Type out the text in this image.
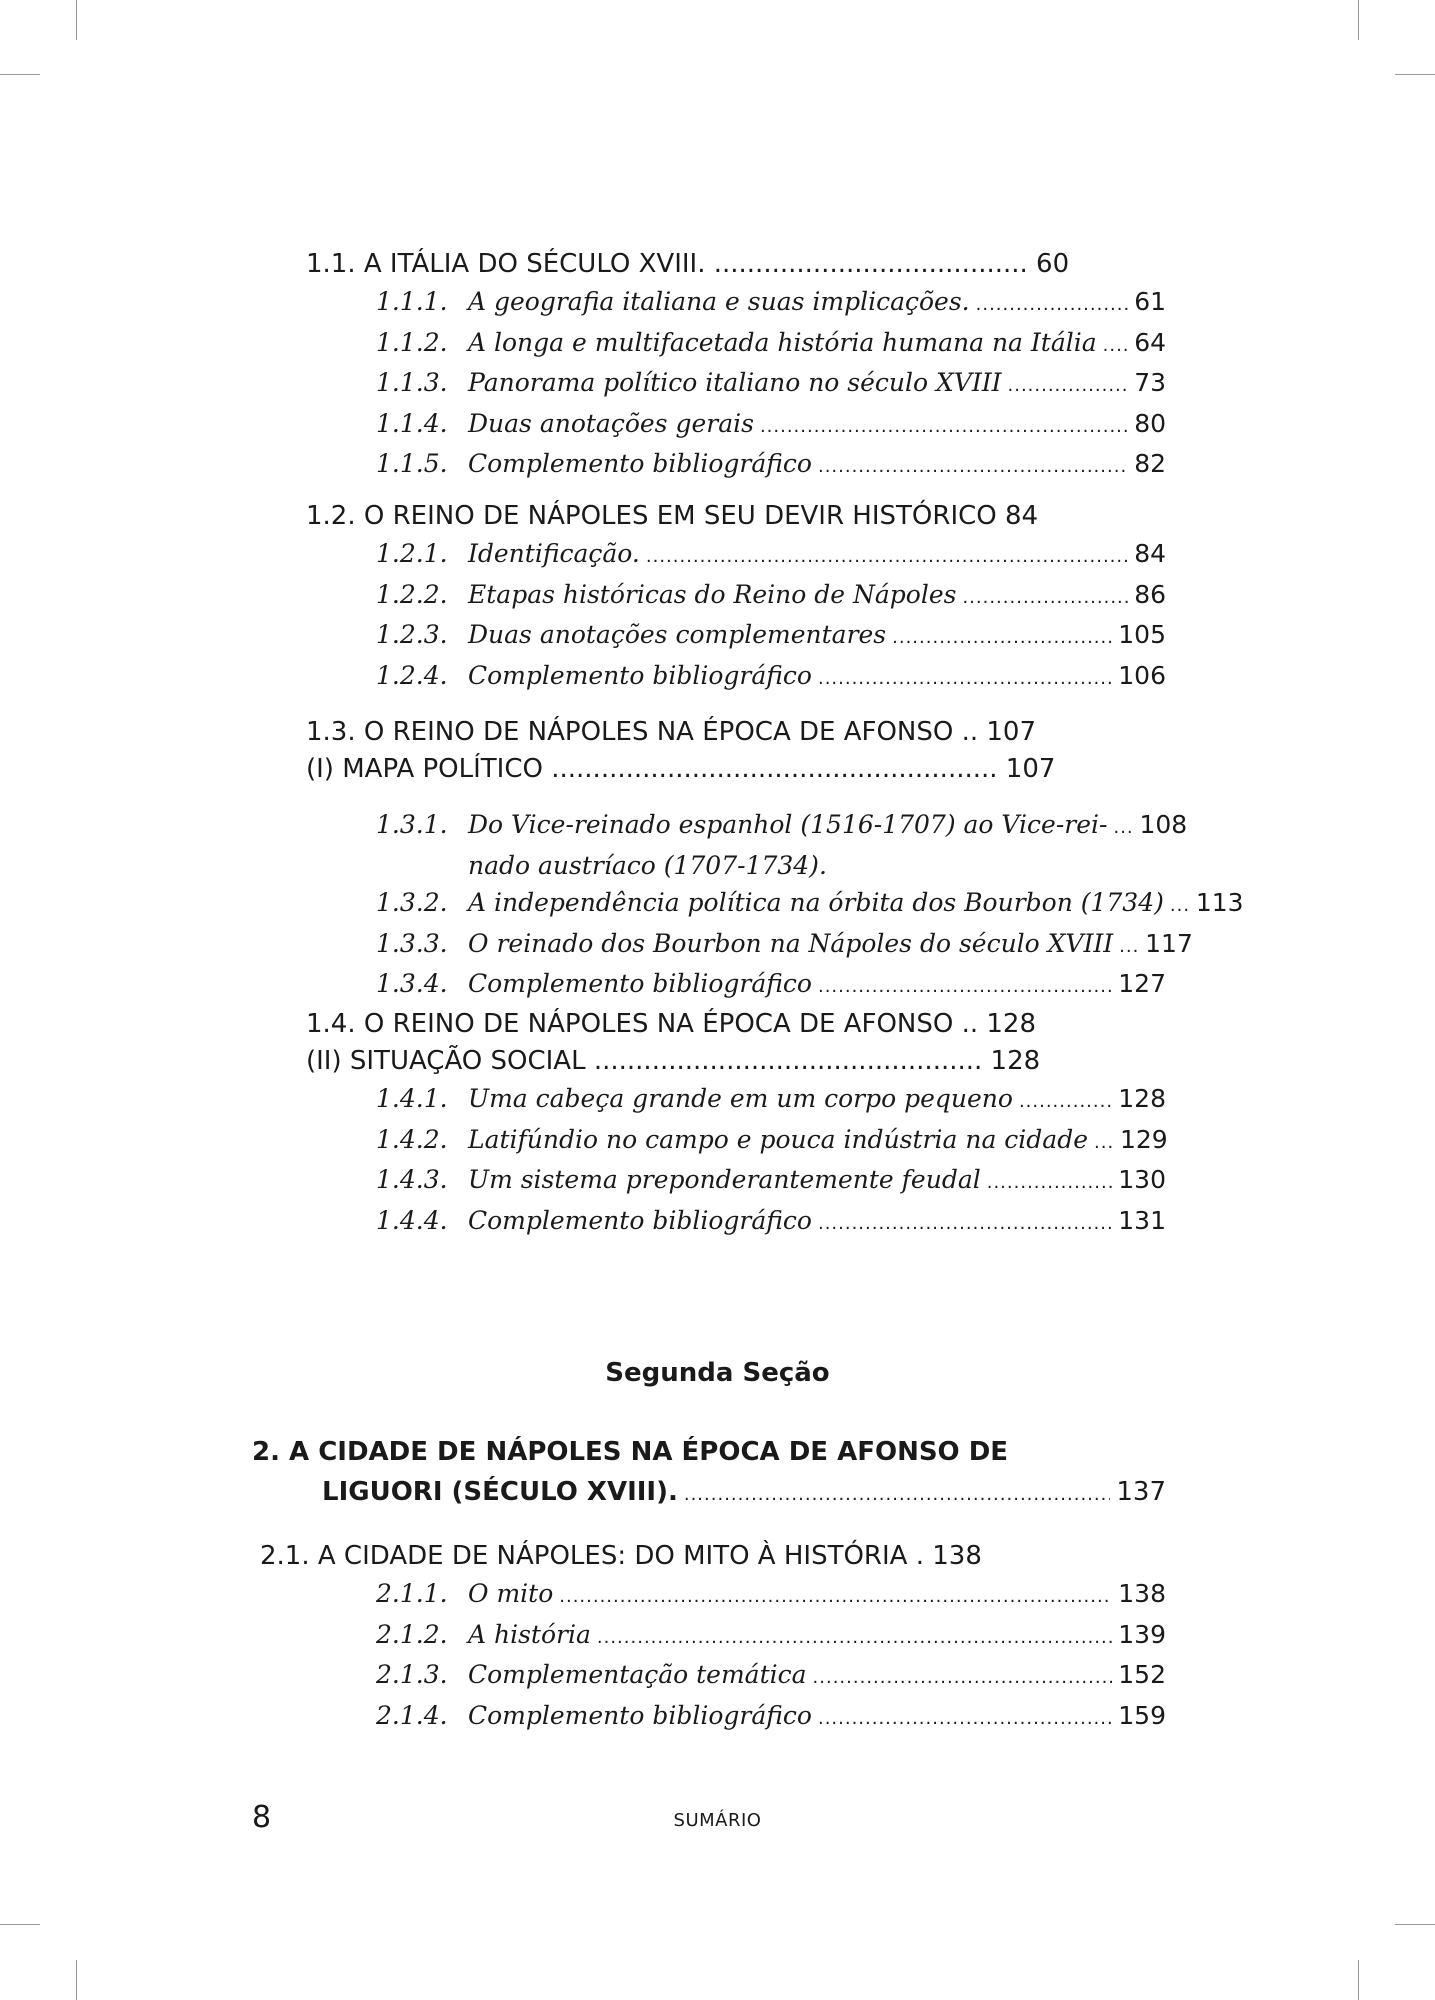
1.1. A ITÁLIA DO SÉCULO XVIII. ...................................... 60
1.1.1. A geografia italiana e suas implicações. .....	61
1.1.2. A longa e multifacetada história humana na Itália ..... 64
1.1.3. Panorama político italiano no século XVIII .....	73
1.1.4. Duas anotações gerais .....	80
1.1.5. Complemento bibliográfico .....	82
1.2. O REINO DE NÁPOLES EM SEU DEVIR HISTÓRICO 84
1.2.1. Identificação. .....	84
1.2.2. Etapas históricas do Reino de Nápoles .....	86
1.2.3. Duas anotações complementares .....	105
1.2.4. Complemento bibliográfico .....	106
1.3. O REINO DE NÁPOLES NA ÉPOCA DE AFONSO .. 107
(I) MAPA POLÍTICO ...................................................... 107
1.3.1. Do Vice-reinado espanhol (1516-1707) ao Vice-rei- ..... 108
nado austríaco (1707-1734).
1.3.2. A independência política na órbita dos Bourbon (1734) ..... 113
1.3.3. O reinado dos Bourbon na Nápoles do século XVIII ..... 117
1.3.4. Complemento bibliográfico .....	127
1.4. O REINO DE NÁPOLES NA ÉPOCA DE AFONSO .. 128
(II) SITUAÇÃO SOCIAL ............................................... 128
1.4.1. Uma cabeça grande em um corpo pequeno .....	128
1.4.2. Latifúndio no campo e pouca indústria na cidade ..... 129
1.4.3. Um sistema preponderantemente feudal .....	130
1.4.4. Complemento bibliográfico .....	131
Segunda Seção
2. A CIDADE DE NÁPOLES NA ÉPOCA DE AFONSO DE
LIGUORI (SÉCULO XVIII). .....	137
2.1. A CIDADE DE NÁPOLES: DO MITO À HISTÓRIA . 138
2.1.1. O mito .....	138
2.1.2. A história .....	139
2.1.3. Complementação temática .....	152
2.1.4. Complemento bibliográfico .....	159
8	SUMÁRIO
